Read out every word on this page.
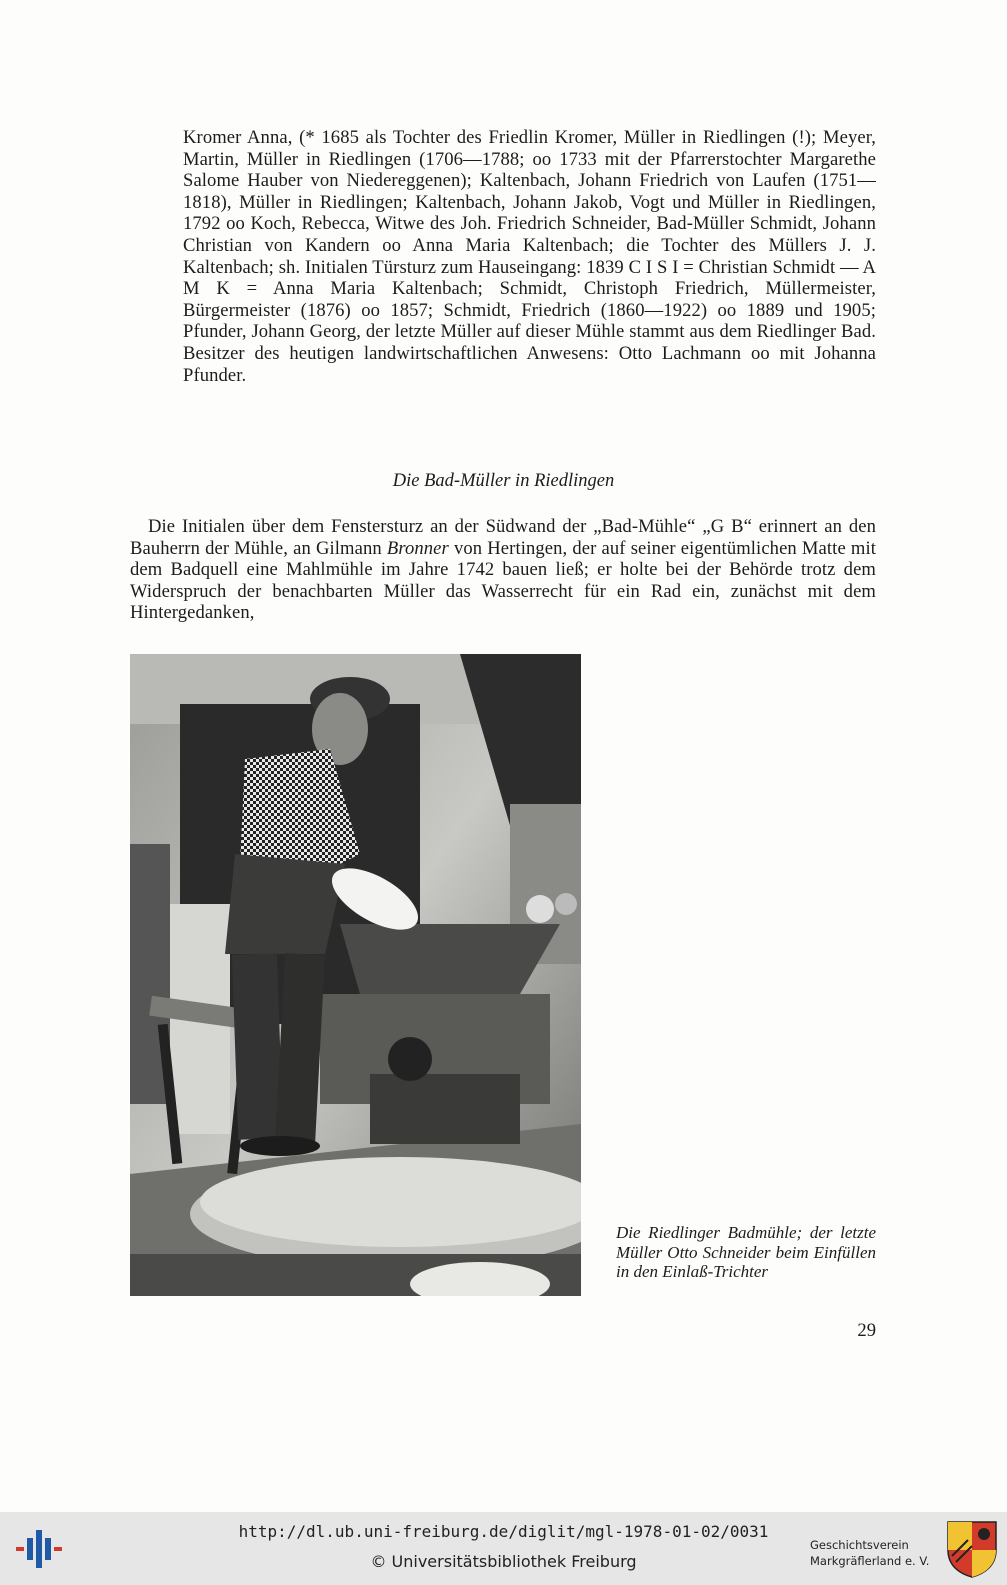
Kromer Anna, (* 1685 als Tochter des Friedlin Kromer, Müller in Riedlingen (!); Meyer, Martin, Müller in Riedlingen (1706—1788; oo 1733 mit der Pfarrerstochter Margarethe Salome Hauber von Niedereggenen); Kaltenbach, Johann Friedrich von Laufen (1751—1818), Müller in Riedlingen; Kaltenbach, Johann Jakob, Vogt und Müller in Riedlingen, 1792 oo Koch, Rebecca, Witwe des Joh. Friedrich Schneider, Bad-Müller Schmidt, Johann Christian von Kandern oo Anna Maria Kaltenbach; die Tochter des Müllers J. J. Kaltenbach; sh. Initialen Türsturz zum Hauseingang: 1839 C I S I = Christian Schmidt — A M K = Anna Maria Kaltenbach; Schmidt, Christoph Friedrich, Müllermeister, Bürgermeister (1876) oo 1857; Schmidt, Friedrich (1860—1922) oo 1889 und 1905; Pfunder, Johann Georg, der letzte Müller auf dieser Mühle stammt aus dem Riedlinger Bad. Besitzer des heutigen landwirtschaftlichen Anwesens: Otto Lachmann oo mit Johanna Pfunder.
Die Bad-Müller in Riedlingen
Die Initialen über dem Fenstersturz an der Südwand der „Bad-Mühle“ „G B“ erinnert an den Bauherrn der Mühle, an Gilmann Bronner von Hertingen, der auf seiner eigentümlichen Matte mit dem Badquell eine Mahlmühle im Jahre 1742 bauen ließ; er holte bei der Behörde trotz dem Widerspruch der benachbarten Müller das Wasserrecht für ein Rad ein, zunächst mit dem Hintergedanken,
Die Riedlinger Badmühle; der letzte Müller Otto Schneider beim Einfüllen in den Einlaß-Trichter
29
http://dl.ub.uni-freiburg.de/diglit/mgl-1978-01-02/0031
© Universitätsbibliothek Freiburg
Geschichtsverein
Markgräflerland e. V.
